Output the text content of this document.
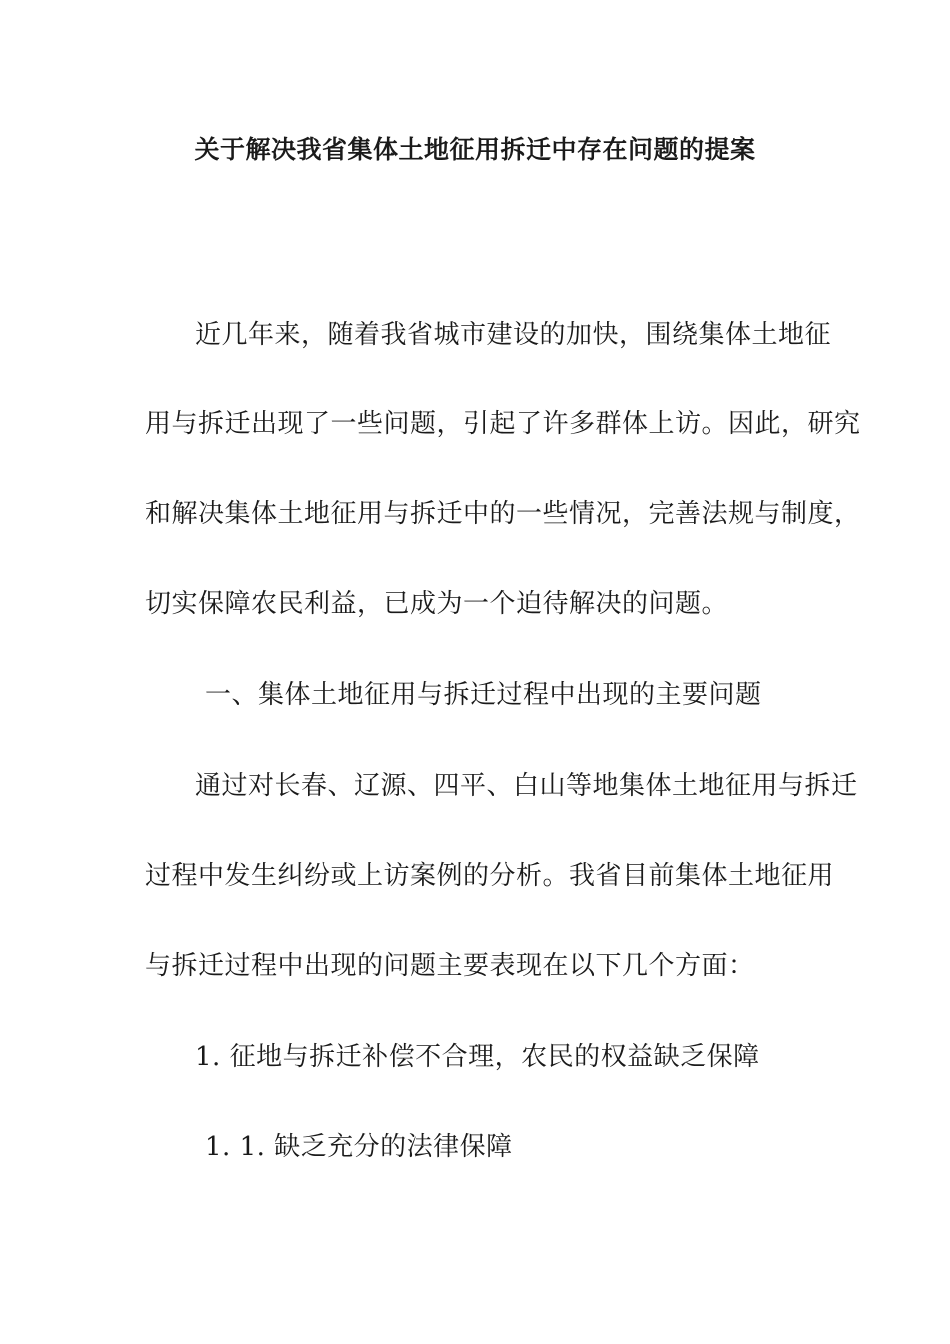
关于解决我省集体土地征用拆迁中存在问题的提案
近几年来，随着我省城市建设的加快，围绕集体土地征
用与拆迁出现了一些问题，引起了许多群体上访。因此，研究
和解决集体土地征用与拆迁中的一些情况，完善法规与制度，
切实保障农民利益，已成为一个迫待解决的问题。
一、集体土地征用与拆迁过程中出现的主要问题
通过对长春、辽源、四平、白山等地集体土地征用与拆迁
过程中发生纠纷或上访案例的分析。我省目前集体土地征用
与拆迁过程中出现的问题主要表现在以下几个方面：
1. 征地与拆迁补偿不合理，农民的权益缺乏保障
1. 1. 缺乏充分的法律保障
